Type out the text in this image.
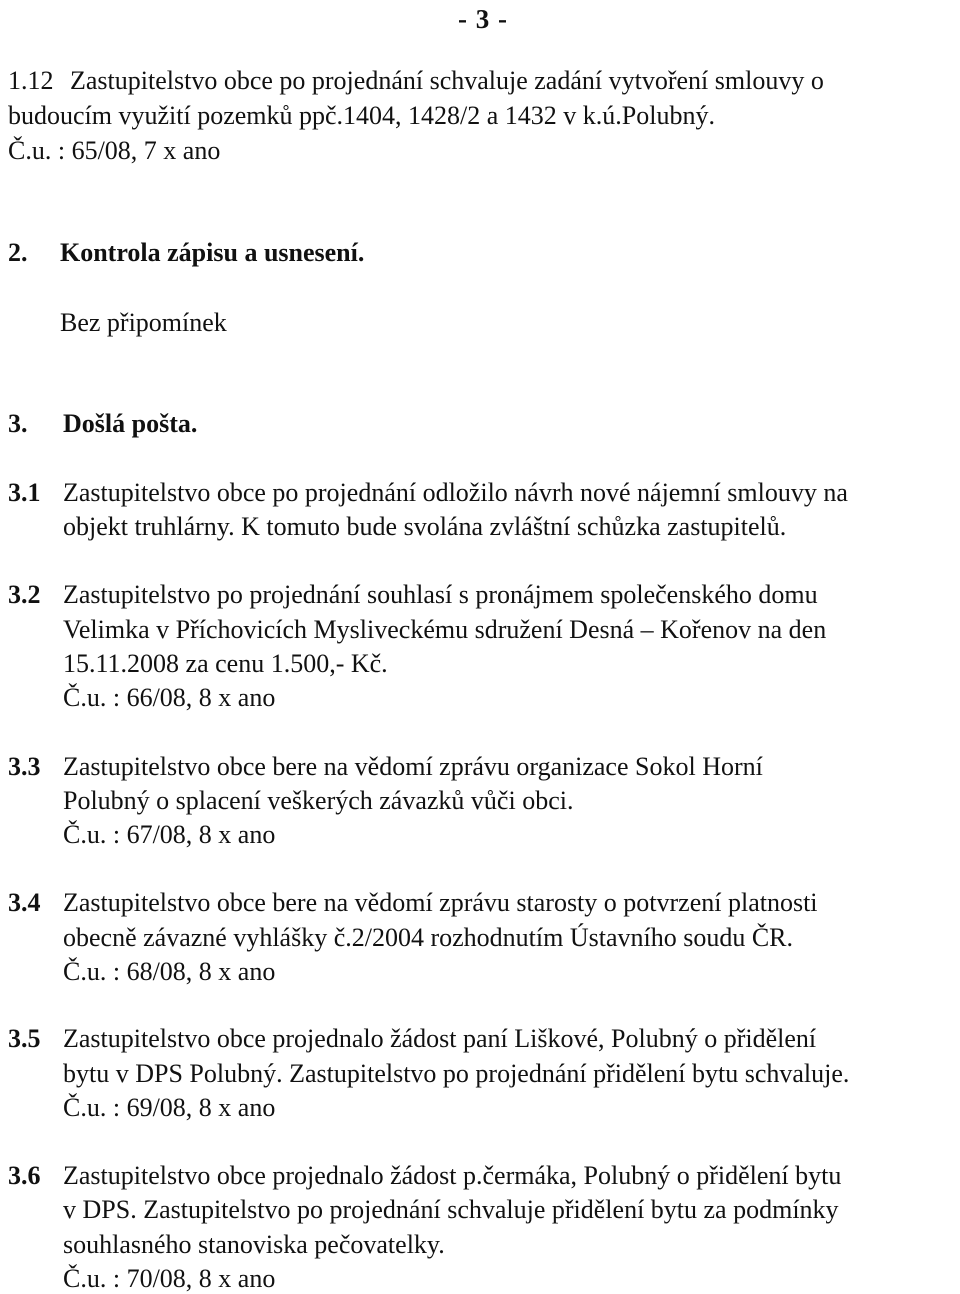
- 3 -
1.12 Zastupitelstvo obce po projednání schvaluje zadání vytvoření smlouvy o
budoucím využití pozemků ppč.1404, 1428/2 a 1432 v k.ú.Polubný.
Č.u. : 65/08, 7 x ano
2. Kontrola zápisu a usnesení.
Bez připomínek
3. Došlá pošta.
3.1 Zastupitelstvo obce po projednání odložilo návrh nové nájemní smlouvy na
objekt truhlárny. K tomuto bude svolána zvláštní schůzka zastupitelů.
3.2 Zastupitelstvo po projednání souhlasí s pronájmem společenského domu
Velimka v Příchovicích Mysliveckému sdružení Desná – Kořenov na den
15.11.2008 za cenu 1.500,- Kč.
Č.u. : 66/08, 8 x ano
3.3 Zastupitelstvo obce bere na vědomí zprávu organizace Sokol Horní
Polubný o splacení veškerých závazků vůči obci.
Č.u. : 67/08, 8 x ano
3.4 Zastupitelstvo obce bere na vědomí zprávu starosty o potvrzení platnosti
obecně závazné vyhlášky č.2/2004 rozhodnutím Ústavního soudu ČR.
Č.u. : 68/08, 8 x ano
3.5 Zastupitelstvo obce projednalo žádost paní Liškové, Polubný o přidělení
bytu v DPS Polubný. Zastupitelstvo po projednání přidělení bytu schvaluje.
Č.u. : 69/08, 8 x ano
3.6 Zastupitelstvo obce projednalo žádost p.čermáka, Polubný o přidělení bytu
v DPS. Zastupitelstvo po projednání schvaluje přidělení bytu za podmínky
souhlasného stanoviska pečovatelky.
Č.u. : 70/08, 8 x ano
